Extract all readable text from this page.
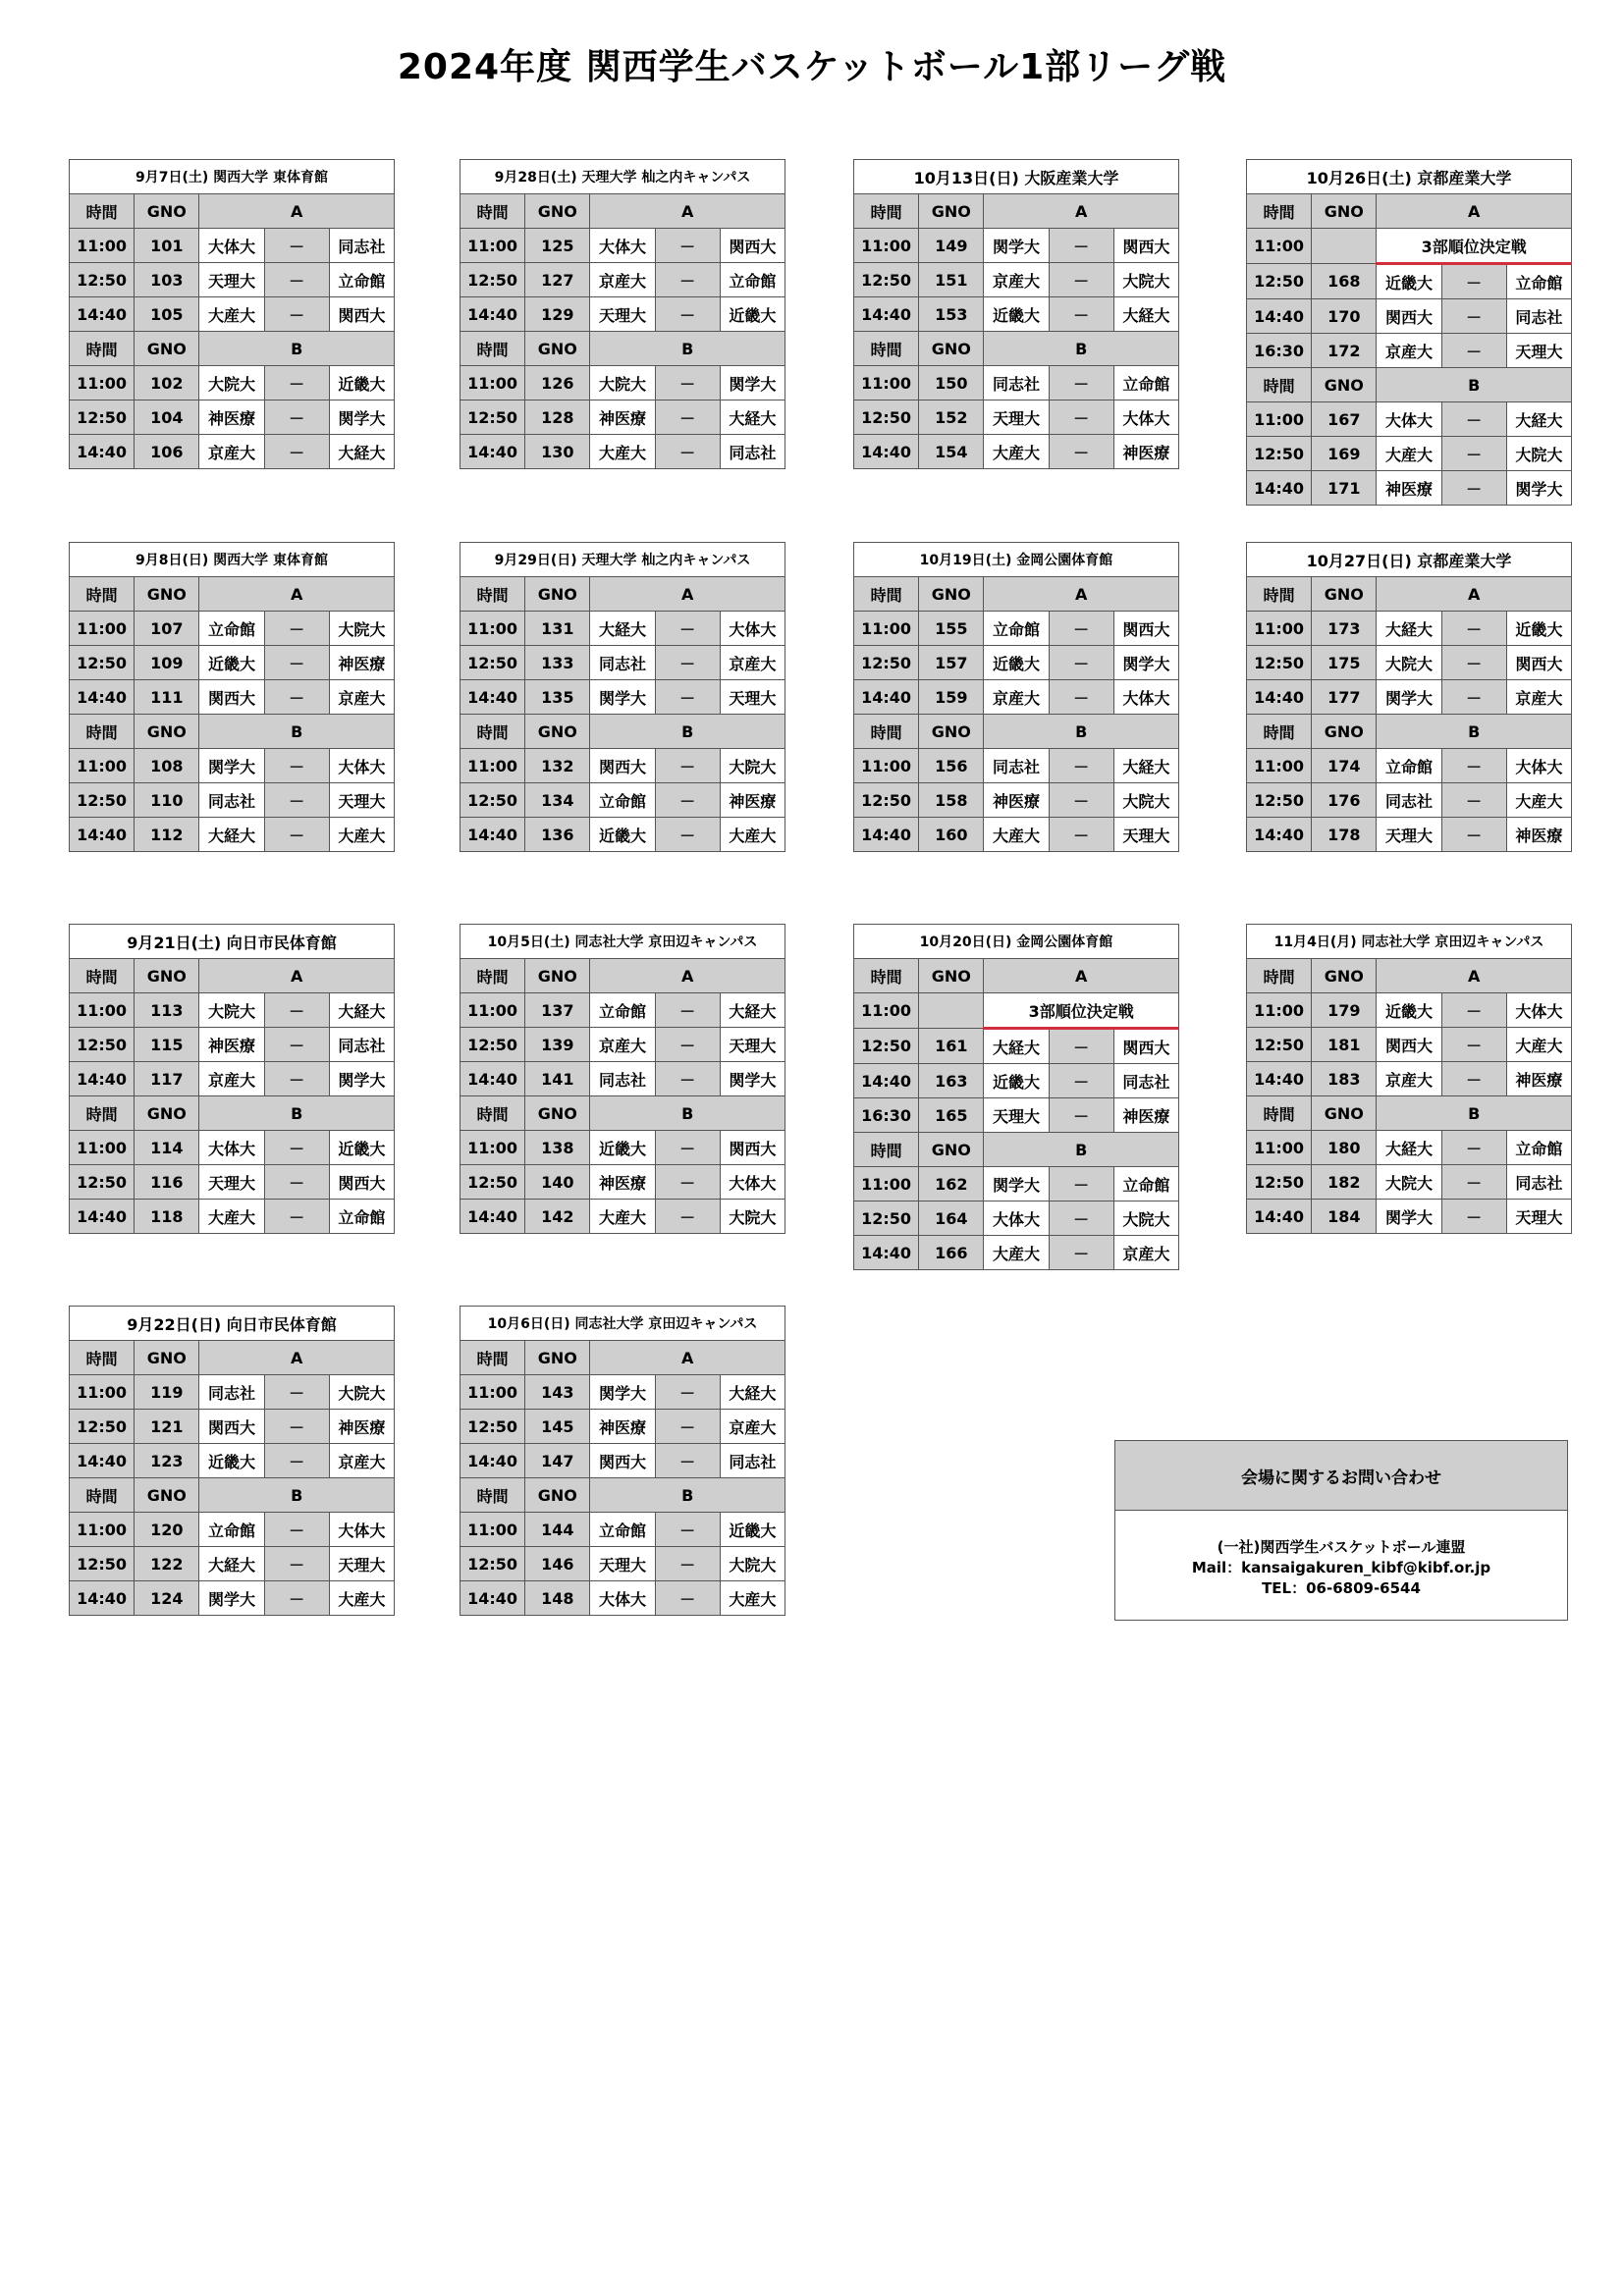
2024年度 関西学生バスケットボール1部リーグ戦
9月7日(土) 関西大学 東体育館				
時間	GNO	A		
11:00	101	大体大	－	同志社
12:50	103	天理大	－	立命館
14:40	105	大産大	－	関西大
時間	GNO	B		
11:00	102	大院大	－	近畿大
12:50	104	神医療	－	関学大
14:40	106	京産大	－	大経大
9月28日(土) 天理大学 杣之内キャンパス				
時間	GNO	A		
11:00	125	大体大	－	関西大
12:50	127	京産大	－	立命館
14:40	129	天理大	－	近畿大
時間	GNO	B		
11:00	126	大院大	－	関学大
12:50	128	神医療	－	大経大
14:40	130	大産大	－	同志社
10月13日(日) 大阪産業大学				
時間	GNO	A		
11:00	149	関学大	－	関西大
12:50	151	京産大	－	大院大
14:40	153	近畿大	－	大経大
時間	GNO	B		
11:00	150	同志社	－	立命館
12:50	152	天理大	－	大体大
14:40	154	大産大	－	神医療
10月26日(土) 京都産業大学				
時間	GNO	A		
11:00		3部順位決定戦		
12:50	168	近畿大	－	立命館
14:40	170	関西大	－	同志社
16:30	172	京産大	－	天理大
時間	GNO	B		
11:00	167	大体大	－	大経大
12:50	169	大産大	－	大院大
14:40	171	神医療	－	関学大
9月8日(日) 関西大学 東体育館				
時間	GNO	A		
11:00	107	立命館	－	大院大
12:50	109	近畿大	－	神医療
14:40	111	関西大	－	京産大
時間	GNO	B		
11:00	108	関学大	－	大体大
12:50	110	同志社	－	天理大
14:40	112	大経大	－	大産大
9月29日(日) 天理大学 杣之内キャンパス				
時間	GNO	A		
11:00	131	大経大	－	大体大
12:50	133	同志社	－	京産大
14:40	135	関学大	－	天理大
時間	GNO	B		
11:00	132	関西大	－	大院大
12:50	134	立命館	－	神医療
14:40	136	近畿大	－	大産大
10月19日(土) 金岡公園体育館				
時間	GNO	A		
11:00	155	立命館	－	関西大
12:50	157	近畿大	－	関学大
14:40	159	京産大	－	大体大
時間	GNO	B		
11:00	156	同志社	－	大経大
12:50	158	神医療	－	大院大
14:40	160	大産大	－	天理大
10月27日(日) 京都産業大学				
時間	GNO	A		
11:00	173	大経大	－	近畿大
12:50	175	大院大	－	関西大
14:40	177	関学大	－	京産大
時間	GNO	B		
11:00	174	立命館	－	大体大
12:50	176	同志社	－	大産大
14:40	178	天理大	－	神医療
9月21日(土) 向日市民体育館				
時間	GNO	A		
11:00	113	大院大	－	大経大
12:50	115	神医療	－	同志社
14:40	117	京産大	－	関学大
時間	GNO	B		
11:00	114	大体大	－	近畿大
12:50	116	天理大	－	関西大
14:40	118	大産大	－	立命館
10月5日(土) 同志社大学 京田辺キャンパス				
時間	GNO	A		
11:00	137	立命館	－	大経大
12:50	139	京産大	－	天理大
14:40	141	同志社	－	関学大
時間	GNO	B		
11:00	138	近畿大	－	関西大
12:50	140	神医療	－	大体大
14:40	142	大産大	－	大院大
10月20日(日) 金岡公園体育館				
時間	GNO	A		
11:00		3部順位決定戦		
12:50	161	大経大	－	関西大
14:40	163	近畿大	－	同志社
16:30	165	天理大	－	神医療
時間	GNO	B		
11:00	162	関学大	－	立命館
12:50	164	大体大	－	大院大
14:40	166	大産大	－	京産大
11月4日(月) 同志社大学 京田辺キャンパス				
時間	GNO	A		
11:00	179	近畿大	－	大体大
12:50	181	関西大	－	大産大
14:40	183	京産大	－	神医療
時間	GNO	B		
11:00	180	大経大	－	立命館
12:50	182	大院大	－	同志社
14:40	184	関学大	－	天理大
9月22日(日) 向日市民体育館				
時間	GNO	A		
11:00	119	同志社	－	大院大
12:50	121	関西大	－	神医療
14:40	123	近畿大	－	京産大
時間	GNO	B		
11:00	120	立命館	－	大体大
12:50	122	大経大	－	天理大
14:40	124	関学大	－	大産大
10月6日(日) 同志社大学 京田辺キャンパス				
時間	GNO	A		
11:00	143	関学大	－	大経大
12:50	145	神医療	－	京産大
14:40	147	関西大	－	同志社
時間	GNO	B		
11:00	144	立命館	－	近畿大
12:50	146	天理大	－	大院大
14:40	148	大体大	－	大産大
会場に関するお問い合わせ

(一社)関西学生バスケットボール連盟
Mail：kansaigakuren_kibf@kibf.or.jp
TEL：06-6809-6544
